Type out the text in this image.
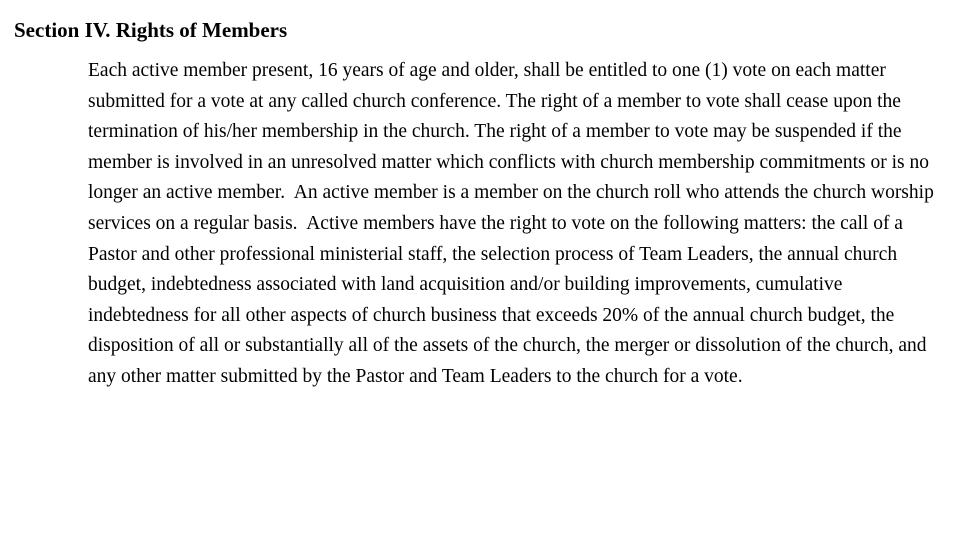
Section IV. Rights of Members

Each active member present, 16 years of age and older, shall be entitled to one (1) vote on each matter submitted for a vote at any called church conference. The right of a member to vote shall cease upon the termination of his/her membership in the church. The right of a member to vote may be suspended if the member is involved in an unresolved matter which conflicts with church membership commitments or is no longer an active member.  An active member is a member on the church roll who attends the church worship services on a regular basis.  Active members have the right to vote on the following matters: the call of a Pastor and other professional ministerial staff, the selection process of Team Leaders, the annual church budget, indebtedness associated with land acquisition and/or building improvements, cumulative indebtedness for all other aspects of church business that exceeds 20% of the annual church budget, the disposition of all or substantially all of the assets of the church, the merger or dissolution of the church, and any other matter submitted by the Pastor and Team Leaders to the church for a vote.
